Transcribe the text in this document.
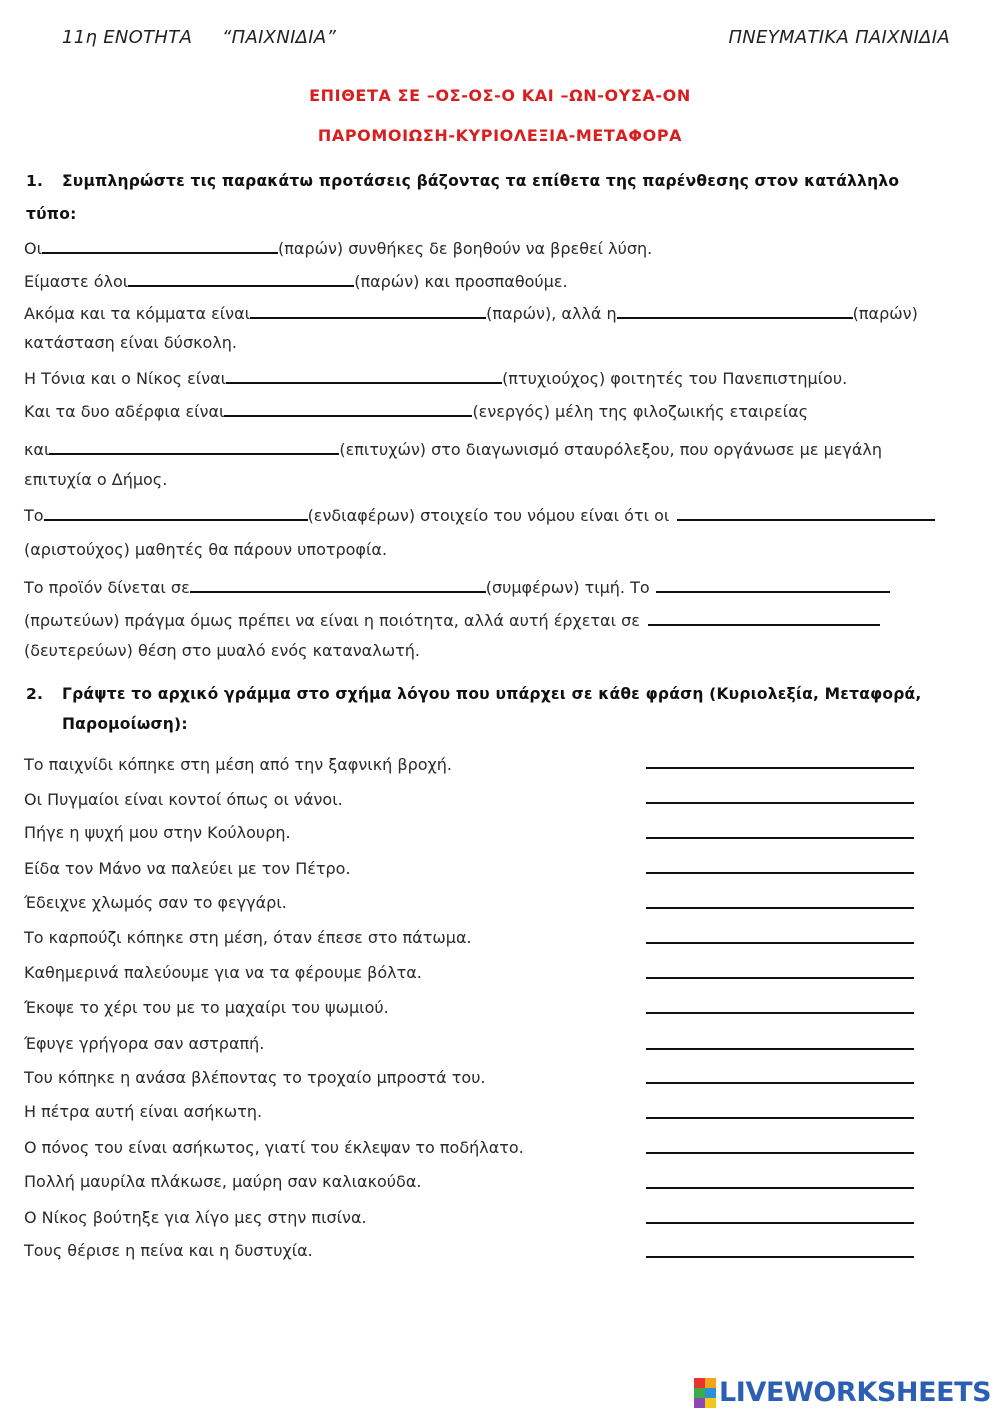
11η ΕΝΟΤΗΤΑ “ΠΑΙΧΝΙΔΙΑ”	ΠΝΕΥΜΑΤΙΚΑ ΠΑΙΧΝΙΔΙΑ
ΕΠΙΘΕΤΑ ΣΕ –ΟΣ-ΟΣ-Ο ΚΑΙ –ΩΝ-ΟΥΣΑ-ΟΝ
ΠΑΡΟΜΟΙΩΣΗ-ΚΥΡΙΟΛΕΞΙΑ-ΜΕΤΑΦΟΡΑ
1. Συμπληρώστε τις παρακάτω προτάσεις βάζοντας τα επίθετα της παρένθεσης στον κατάλληλο
τύπο:
Οι	(παρών) συνθήκες δε βοηθούν να βρεθεί λύση.
Είμαστε όλοι	(παρών) και προσπαθούμε.
Ακόμα και τα κόμματα είναι	(παρών), αλλά η	(παρών)
κατάσταση είναι δύσκολη.
Η Τόνια και ο Νίκος είναι	(πτυχιούχος) φοιτητές του Πανεπιστημίου.
Και τα δυο αδέρφια είναι	(ενεργός) μέλη της φιλοζωικής εταιρείας
και	(επιτυχών) στο διαγωνισμό σταυρόλεξου, που οργάνωσε με μεγάλη
επιτυχία ο Δήμος.
Το	(ενδιαφέρων) στοιχείο του νόμου είναι ότι οι
(αριστούχος) μαθητές θα πάρουν υποτροφία.
Το προϊόν δίνεται σε	(συμφέρων) τιμή. Το
(πρωτεύων) πράγμα όμως πρέπει να είναι η ποιότητα, αλλά αυτή έρχεται σε
(δευτερεύων) θέση στο μυαλό ενός καταναλωτή.
2. Γράψτε το αρχικό γράμμα στο σχήμα λόγου που υπάρχει σε κάθε φράση (Κυριολεξία, Μεταφορά,
Παρομοίωση):
Το παιχνίδι κόπηκε στη μέση από την ξαφνική βροχή.
Οι Πυγμαίοι είναι κοντοί όπως οι νάνοι.
Πήγε η ψυχή μου στην Κούλουρη.
Είδα τον Μάνο να παλεύει με τον Πέτρο.
Έδειχνε χλωμός σαν το φεγγάρι.
Το καρπούζι κόπηκε στη μέση, όταν έπεσε στο πάτωμα.
Καθημερινά παλεύουμε για να τα φέρουμε βόλτα.
Έκοψε το χέρι του με το μαχαίρι του ψωμιού.
Έφυγε γρήγορα σαν αστραπή.
Του κόπηκε η ανάσα βλέποντας το τροχαίο μπροστά του.
Η πέτρα αυτή είναι ασήκωτη.
Ο πόνος του είναι ασήκωτος, γιατί του έκλεψαν το ποδήλατο.
Πολλή μαυρίλα πλάκωσε, μαύρη σαν καλιακούδα.
Ο Νίκος βούτηξε για λίγο μες στην πισίνα.
Τους θέρισε η πείνα και η δυστυχία.
LIVEWORKSHEETS
